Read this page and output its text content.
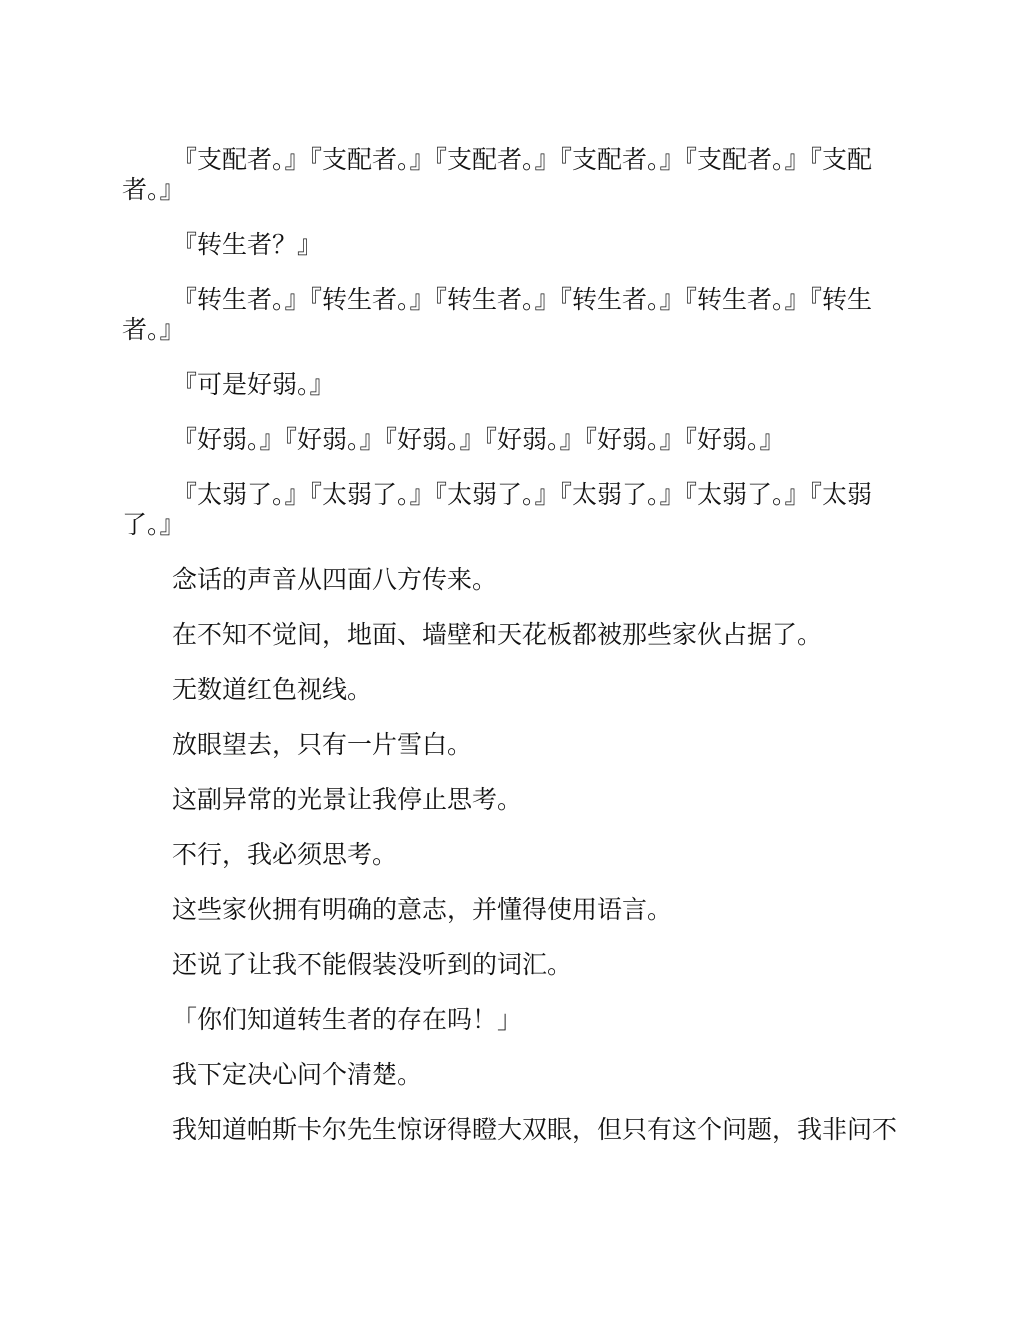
『支配者。』『支配者。』『支配者。』『支配者。』『支配者。』『支配者。』

『转生者？』

『转生者。』『转生者。』『转生者。』『转生者。』『转生者。』『转生者。』

『可是好弱。』

『好弱。』『好弱。』『好弱。』『好弱。』『好弱。』『好弱。』

『太弱了。』『太弱了。』『太弱了。』『太弱了。』『太弱了。』『太弱了。』

念话的声音从四面八方传来。

在不知不觉间，地面、墙壁和天花板都被那些家伙占据了。

无数道红色视线。

放眼望去，只有一片雪白。

这副异常的光景让我停止思考。

不行，我必须思考。

这些家伙拥有明确的意志，并懂得使用语言。

还说了让我不能假装没听到的词汇。

「你们知道转生者的存在吗！」

我下定决心问个清楚。

我知道帕斯卡尔先生惊讶得瞪大双眼，但只有这个问题，我非问不
